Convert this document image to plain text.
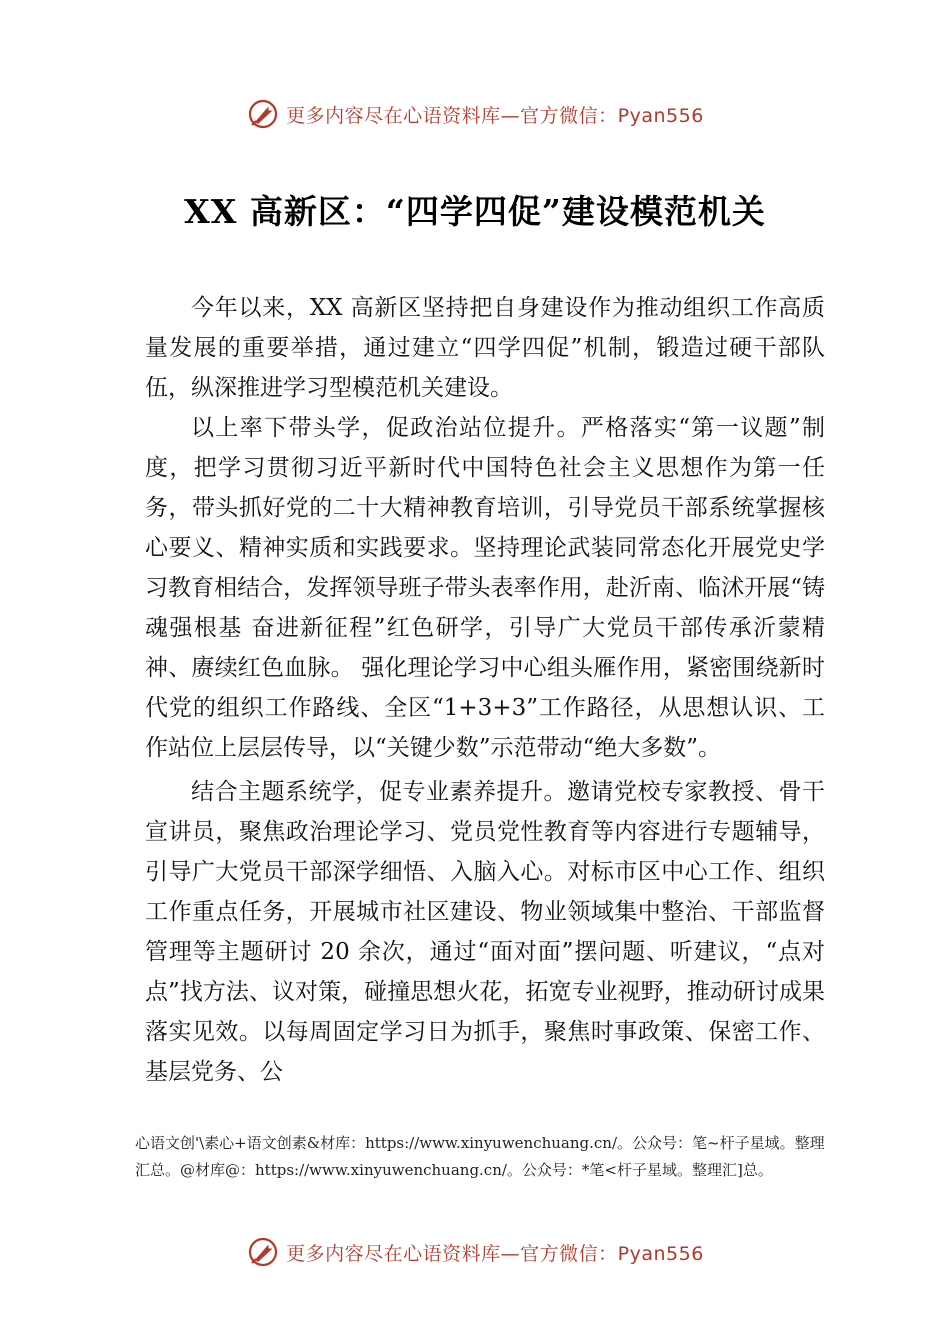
更多内容尽在心语资料库—官方微信：Pyan556
XX 高新区：“四学四促”建设模范机关

今年以来，XX 高新区坚持把自身建设作为推动组织工作高质量发展的重要举措，通过建立“四学四促”机制，锻造过硬干部队伍，纵深推进学习型模范机关建设。

以上率下带头学，促政治站位提升。严格落实“第一议题”制度，把学习贯彻习近平新时代中国特色社会主义思想作为第一任务，带头抓好党的二十大精神教育培训，引导党员干部系统掌握核心要义、精神实质和实践要求。坚持理论武装同常态化开展党史学习教育相结合，发挥领导班子带头表率作用，赴沂南、临沭开展“铸魂强根基 奋进新征程”红色研学，引导广大党员干部传承沂蒙精神、赓续红色血脉。 强化理论学习中心组头雁作用，紧密围绕新时代党的组织工作路线、全区“1+3+3”工作路径，从思想认识、工作站位上层层传导，以“关键少数”示范带动“绝大多数”。

结合主题系统学，促专业素养提升。邀请党校专家教授、骨干宣讲员，聚焦政治理论学习、党员党性教育等内容进行专题辅导，引导广大党员干部深学细悟、入脑入心。对标市区中心工作、组织工作重点任务，开展城市社区建设、物业领域集中整治、干部监督管理等主题研讨 20 余次，通过“面对面”摆问题、听建议，“点对点”找方法、议对策，碰撞思想火花，拓宽专业视野，推动研讨成果落实见效。以每周固定学习日为抓手，聚焦时事政策、保密工作、基层党务、公

心语文创'\素心+语文创素&材库：https://www.xinyuwenchuang.cn/。公众号：笔~杆子星域。整理汇总。@材库@：https://www.xinyuwenchuang.cn/。公众号：*笔<杆子星域。整理汇]总。
更多内容尽在心语资料库—官方微信：Pyan556
